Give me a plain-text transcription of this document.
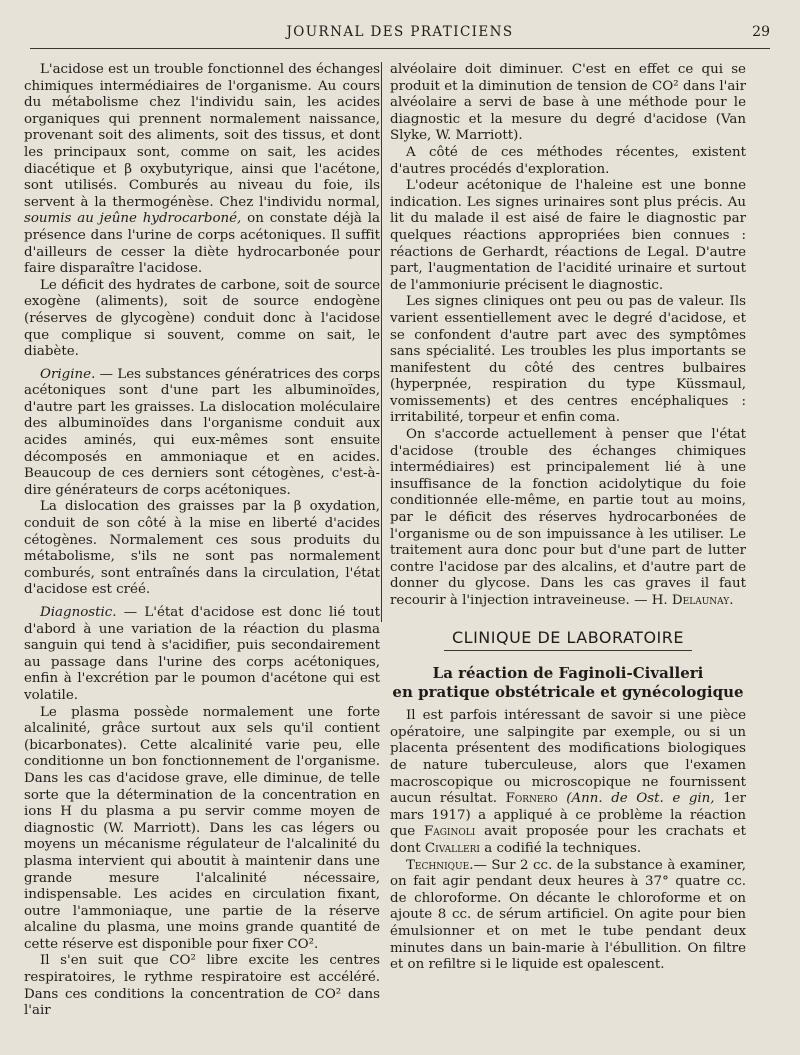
JOURNAL DES PRATICIENS	29

L'acidose est un trouble fonctionnel des échanges chimiques intermédiaires de l'organisme. Au cours du métabolisme chez l'individu sain, les acides organiques qui prennent normalement naissance, provenant soit des aliments, soit des tissus, et dont les principaux sont, comme on sait, les acides diacétique et β oxybutyrique, ainsi que l'acétone, sont utilisés. Comburés au niveau du foie, ils servent à la thermogénèse. Chez l'individu normal, soumis au jeûne hydrocarboné, on constate déjà la présence dans l'urine de corps acétoniques. Il suffit d'ailleurs de cesser la diète hydrocarbonée pour faire disparaître l'acidose.

Le déficit des hydrates de carbone, soit de source exogène (aliments), soit de source endogène (réserves de glycogène) conduit donc à l'acidose que complique si souvent, comme on sait, le diabète.

Origine. — Les substances génératrices des corps acétoniques sont d'une part les albuminoïdes, d'autre part les graisses. La dislocation moléculaire des albuminoïdes dans l'organisme conduit aux acides aminés, qui eux-mêmes sont ensuite décomposés en ammoniaque et en acides. Beaucoup de ces derniers sont cétogènes, c'est-à-dire générateurs de corps acétoniques.

La dislocation des graisses par la β oxydation, conduit de son côté à la mise en liberté d'acides cétogènes. Normalement ces sous produits du métabolisme, s'ils ne sont pas normalement comburés, sont entraînés dans la circulation, l'état d'acidose est créé.

Diagnostic. — L'état d'acidose est donc lié tout d'abord à une variation de la réaction du plasma sanguin qui tend à s'acidifier, puis secondairement au passage dans l'urine des corps acétoniques, enfin à l'excrétion par le poumon d'acétone qui est volatile.

Le plasma possède normalement une forte alcalinité, grâce surtout aux sels qu'il contient (bicarbonates). Cette alcalinité varie peu, elle conditionne un bon fonctionnement de l'organisme. Dans les cas d'acidose grave, elle diminue, de telle sorte que la détermination de la concentration en ions H du plasma a pu servir comme moyen de diagnostic (W. Marriott). Dans les cas légers ou moyens un mécanisme régulateur de l'alcalinité du plasma intervient qui aboutit à maintenir dans une grande mesure l'alcalinité nécessaire, indispensable. Les acides en circulation fixant, outre l'ammoniaque, une partie de la réserve alcaline du plasma, une moins grande quantité de cette réserve est disponible pour fixer CO².

Il s'en suit que CO² libre excite les centres respiratoires, le rythme respiratoire est accéléré. Dans ces conditions la concentration de CO² dans l'air

alvéolaire doit diminuer. C'est en effet ce qui se produit et la diminution de tension de CO² dans l'air alvéolaire a servi de base à une méthode pour le diagnostic et la mesure du degré d'acidose (Van Slyke, W. Marriott).

A côté de ces méthodes récentes, existent d'autres procédés d'exploration.

L'odeur acétonique de l'haleine est une bonne indication. Les signes urinaires sont plus précis. Au lit du malade il est aisé de faire le diagnostic par quelques réactions appropriées bien connues : réactions de Gerhardt, réactions de Legal. D'autre part, l'augmentation de l'acidité urinaire et surtout de l'ammoniurie précisent le diagnostic.

Les signes cliniques ont peu ou pas de valeur. Ils varient essentiellement avec le degré d'acidose, et se confondent d'autre part avec des symptômes sans spécialité. Les troubles les plus importants se manifestent du côté des centres bulbaires (hyperpnée, respiration du type Küssmaul, vomissements) et des centres encéphaliques : irritabilité, torpeur et enfin coma.

On s'accorde actuellement à penser que l'état d'acidose (trouble des échanges chimiques intermédiaires) est principalement lié à une insuffisance de la fonction acidolytique du foie conditionnée elle-même, en partie tout au moins, par le déficit des réserves hydrocarbonées de l'organisme ou de son impuissance à les utiliser. Le traitement aura donc pour but d'une part de lutter contre l'acidose par des alcalins, et d'autre part de donner du glycose. Dans les cas graves il faut recourir à l'injection intraveineuse. — H. Delaunay.

CLINIQUE DE LABORATOIRE
La réaction de Faginoli-Civalleri
en pratique obstétricale et gynécologique

Il est parfois intéressant de savoir si une pièce opératoire, une salpingite par exemple, ou si un placenta présentent des modifications biologiques de nature tuberculeuse, alors que l'examen macroscopique ou microscopique ne fournissent aucun résultat. Fornero (Ann. de Ost. e gin, 1er mars 1917) a appliqué à ce problème la réaction que Faginoli avait proposée pour les crachats et dont Civalleri a codifié la techniques.

Technique.— Sur 2 cc. de la substance à examiner, on fait agir pendant deux heures à 37° quatre cc. de chloroforme. On décante le chloroforme et on ajoute 8 cc. de sérum artificiel. On agite pour bien émulsionner et on met le tube pendant deux minutes dans un bain-marie à l'ébullition. On filtre et on refiltre si le liquide est opalescent.
